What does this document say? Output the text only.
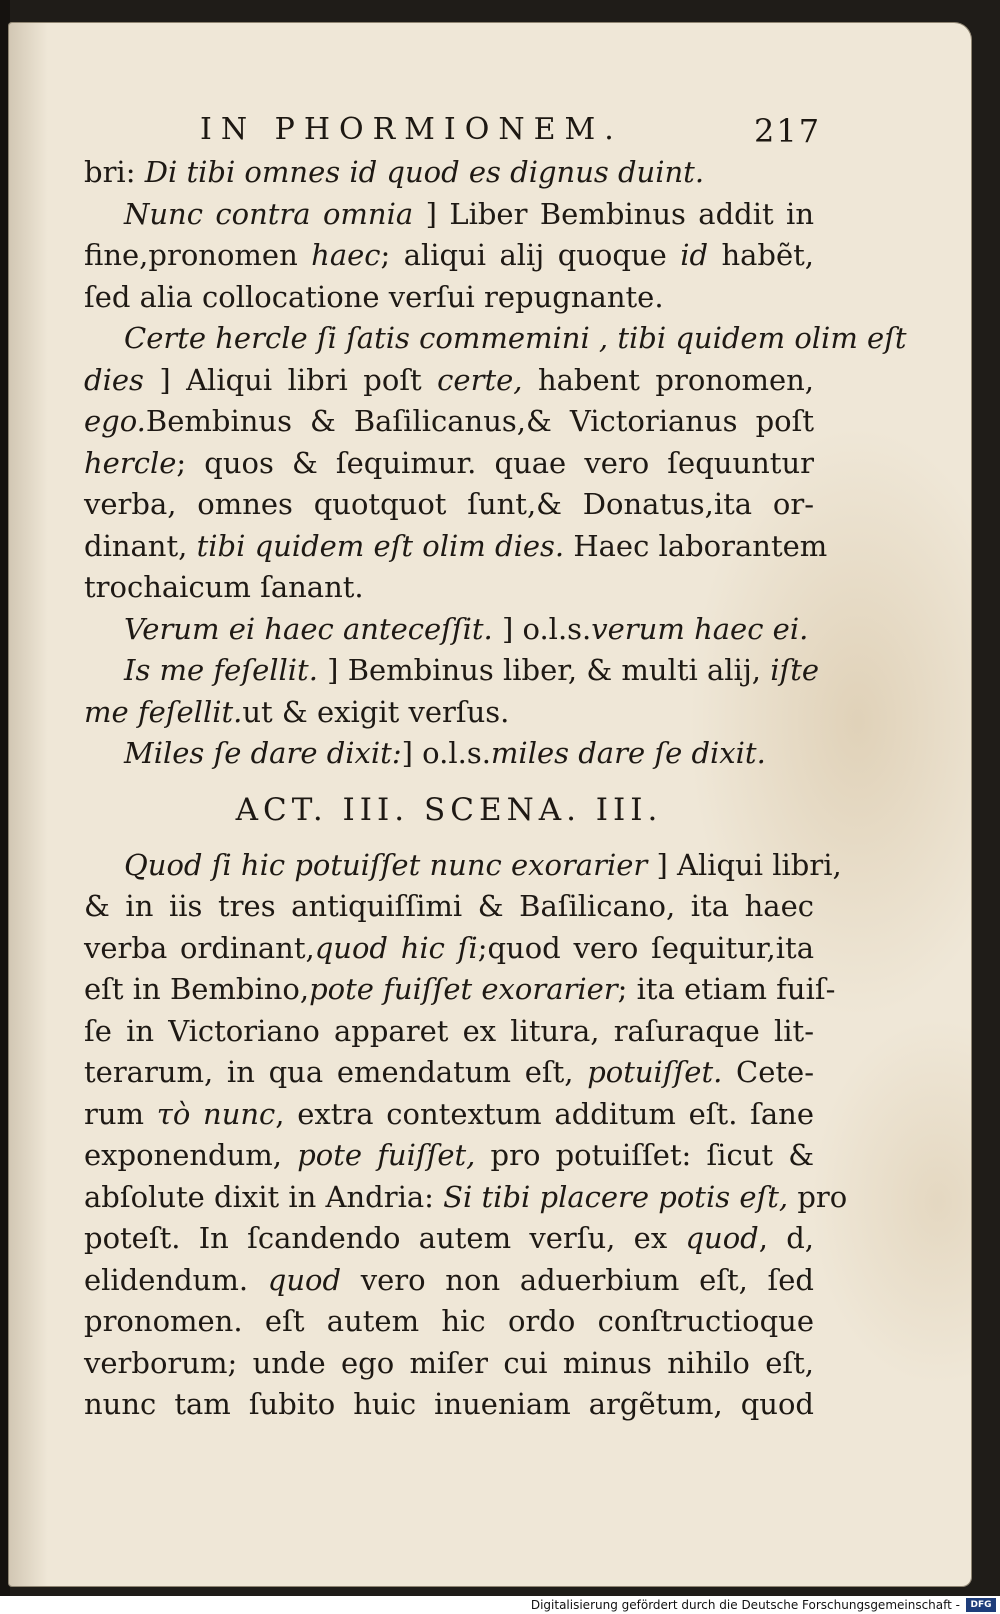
IN PHORMIONEM.	217
bri: Di tibi omnes id quod es dignus duint.
Nunc contra omnia ] Liber Bembinus addit in
fine,pronomen haec; aliqui alij quoque id habẽt,
ſed alia collocatione verſui repugnante.
Certe hercle ſi ſatis commemini , tibi quidem olim eſt
dies ] Aliqui libri poſt certe, habent pronomen,
ego.Bembinus & Baſilicanus,& Victorianus poſt
hercle; quos & ſequimur. quae vero ſequuntur
verba, omnes quotquot ſunt,& Donatus,ita or-
dinant, tibi quidem eſt olim dies. Haec laborantem
trochaicum ſanant.
Verum ei haec anteceſſit. ] o.l.s.verum haec ei.
Is me feſellit. ] Bembinus liber, & multi alij, iſte
me feſellit.ut & exigit verſus.
Miles ſe dare dixit:] o.l.s.miles dare ſe dixit.
ACT. III. SCENA. III.
Quod ſi hic potuiſſet nunc exorarier ] Aliqui libri,
& in iis tres antiquiſſimi & Baſilicano, ita haec
verba ordinant,quod hic ſi;quod vero ſequitur,ita
eſt in Bembino,pote fuiſſet exorarier; ita etiam fuiſ-
ſe in Victoriano apparet ex litura, raſuraque lit-
terarum, in qua emendatum eſt, potuiſſet. Cete-
rum τὸ nunc, extra contextum additum eſt. ſane
exponendum, pote fuiſſet, pro potuiſſet: ſicut &
abſolute dixit in Andria: Si tibi placere potis eſt, pro
poteſt. In ſcandendo autem verſu, ex quod, d,
elidendum. quod vero non aduerbium eſt, ſed
pronomen. eſt autem hic ordo conſtructioque
verborum; unde ego miſer cui minus nihilo eſt,
nunc tam ſubito huic inueniam argẽtum, quod
Digitalisierung gefördert durch die Deutsche Forschungsgemeinschaft -	DFG
